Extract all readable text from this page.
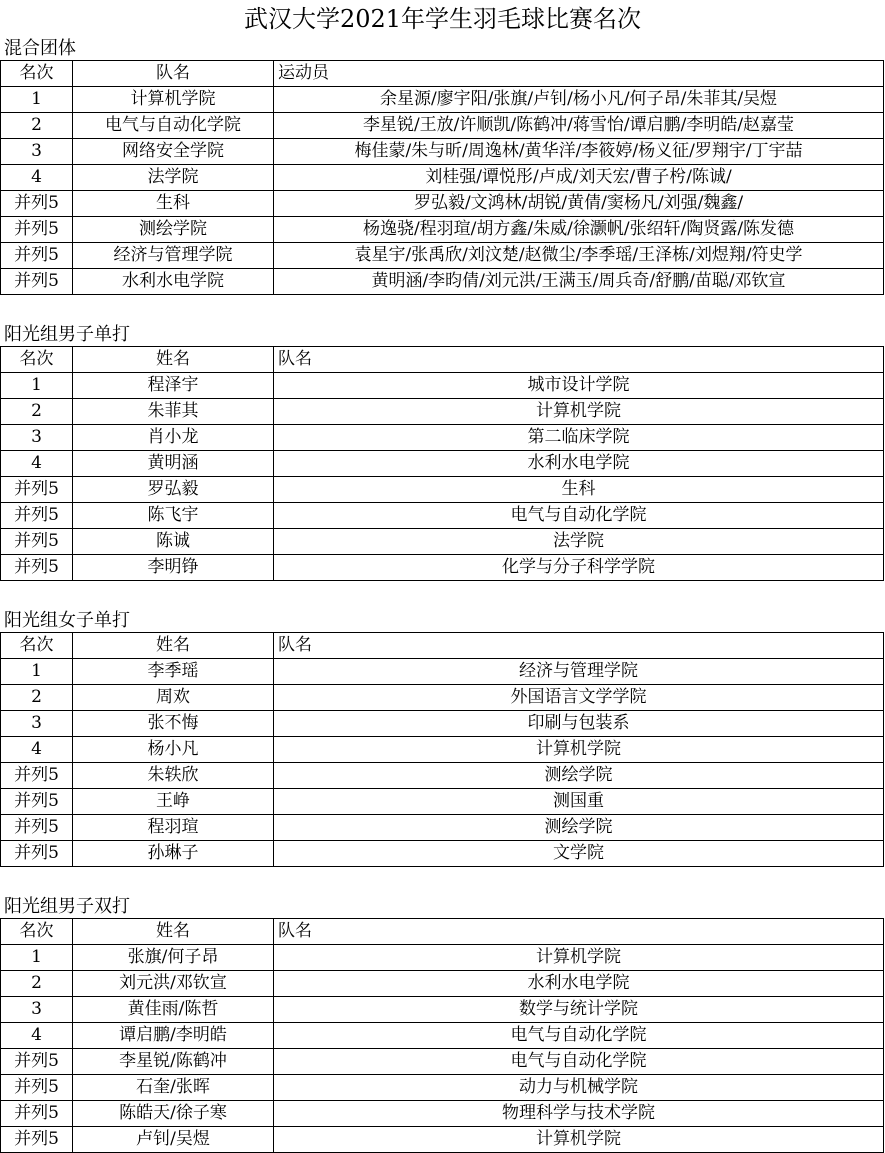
武汉大学2021年学生羽毛球比赛名次
混合团体
名次	队名	运动员
1	计算机学院	余星源/廖宇阳/张旗/卢钊/杨小凡/何子昂/朱菲其/吴煜
2	电气与自动化学院	李星锐/王放/许顺凯/陈鹤冲/蒋雪怡/谭启鹏/李明皓/赵嘉莹
3	网络安全学院	梅佳蒙/朱与昕/周逸林/黄华洋/李筱婷/杨义征/罗翔宇/丁宇喆
4	法学院	刘桂强/谭悦彤/卢成/刘天宏/曹子枍/陈诚/
并列5	生科	罗弘毅/文鸿林/胡锐/黄倩/窦杨凡/刘强/魏鑫/
并列5	测绘学院	杨逸骁/程羽瑄/胡方鑫/朱威/徐灏帆/张绍轩/陶贤露/陈发德
并列5	经济与管理学院	袁星宇/张禹欣/刘汶楚/赵微尘/李季瑶/王泽栋/刘煜翔/符史学
并列5	水利水电学院	黄明涵/李昀倩/刘元洪/王满玉/周兵奇/舒鹏/苗聪/邓钦宣
阳光组男子单打
名次	姓名	队名
1	程泽宇	城市设计学院
2	朱菲其	计算机学院
3	肖小龙	第二临床学院
4	黄明涵	水利水电学院
并列5	罗弘毅	生科
并列5	陈飞宇	电气与自动化学院
并列5	陈诚	法学院
并列5	李明铮	化学与分子科学学院
阳光组女子单打
名次	姓名	队名
1	李季瑶	经济与管理学院
2	周欢	外国语言文学学院
3	张不悔	印刷与包装系
4	杨小凡	计算机学院
并列5	朱轶欣	测绘学院
并列5	王峥	测国重
并列5	程羽瑄	测绘学院
并列5	孙琳子	文学院
阳光组男子双打
名次	姓名	队名
1	张旗/何子昂	计算机学院
2	刘元洪/邓钦宣	水利水电学院
3	黄佳雨/陈哲	数学与统计学院
4	谭启鹏/李明皓	电气与自动化学院
并列5	李星锐/陈鹤冲	电气与自动化学院
并列5	石奎/张晖	动力与机械学院
并列5	陈皓天/徐子寒	物理科学与技术学院
并列5	卢钊/吴煜	计算机学院
